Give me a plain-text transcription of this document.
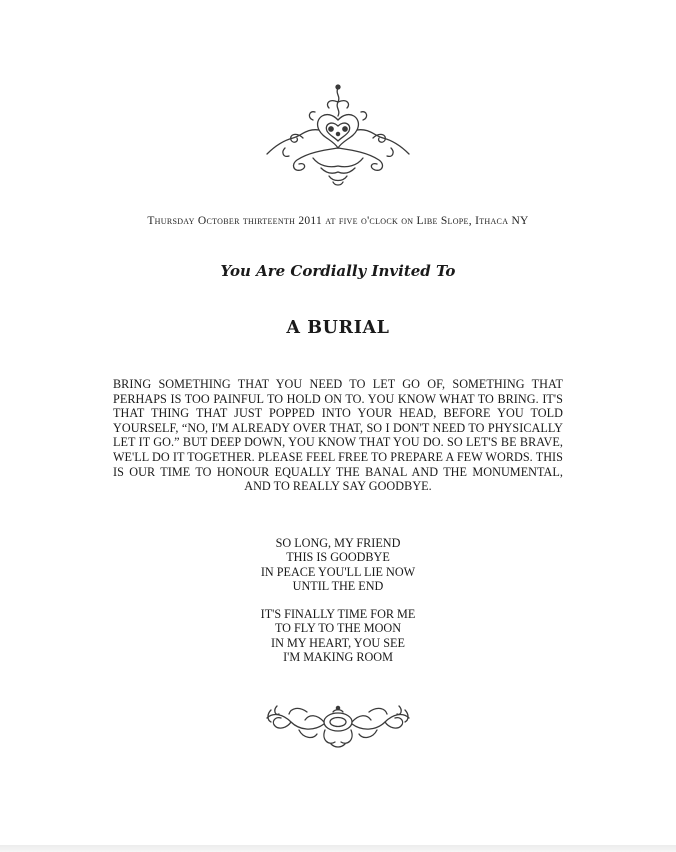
Thursday October thirteenth 2011 at five o'clock on Libe Slope, Ithaca NY
You Are Cordially Invited To
A BURIAL
BRING SOMETHING THAT YOU NEED TO LET GO OF, SOMETHING THAT PERHAPS IS TOO PAINFUL TO HOLD ON TO. YOU KNOW WHAT TO BRING. IT'S THAT THING THAT JUST POPPED INTO YOUR HEAD, BEFORE YOU TOLD YOURSELF, “NO, I'M ALREADY OVER THAT, SO I DON'T NEED TO PHYSICALLY LET IT GO.” BUT DEEP DOWN, YOU KNOW THAT YOU DO. SO LET'S BE BRAVE, WE'LL DO IT TOGETHER. PLEASE FEEL FREE TO PREPARE A FEW WORDS. THIS IS OUR TIME TO HONOUR EQUALLY THE BANAL AND THE MONUMENTAL, AND TO REALLY SAY GOODBYE.
SO LONG, MY FRIEND
THIS IS GOODBYE
IN PEACE YOU'LL LIE NOW
UNTIL THE END
IT'S FINALLY TIME FOR ME
TO FLY TO THE MOON
IN MY HEART, YOU SEE
I'M MAKING ROOM
